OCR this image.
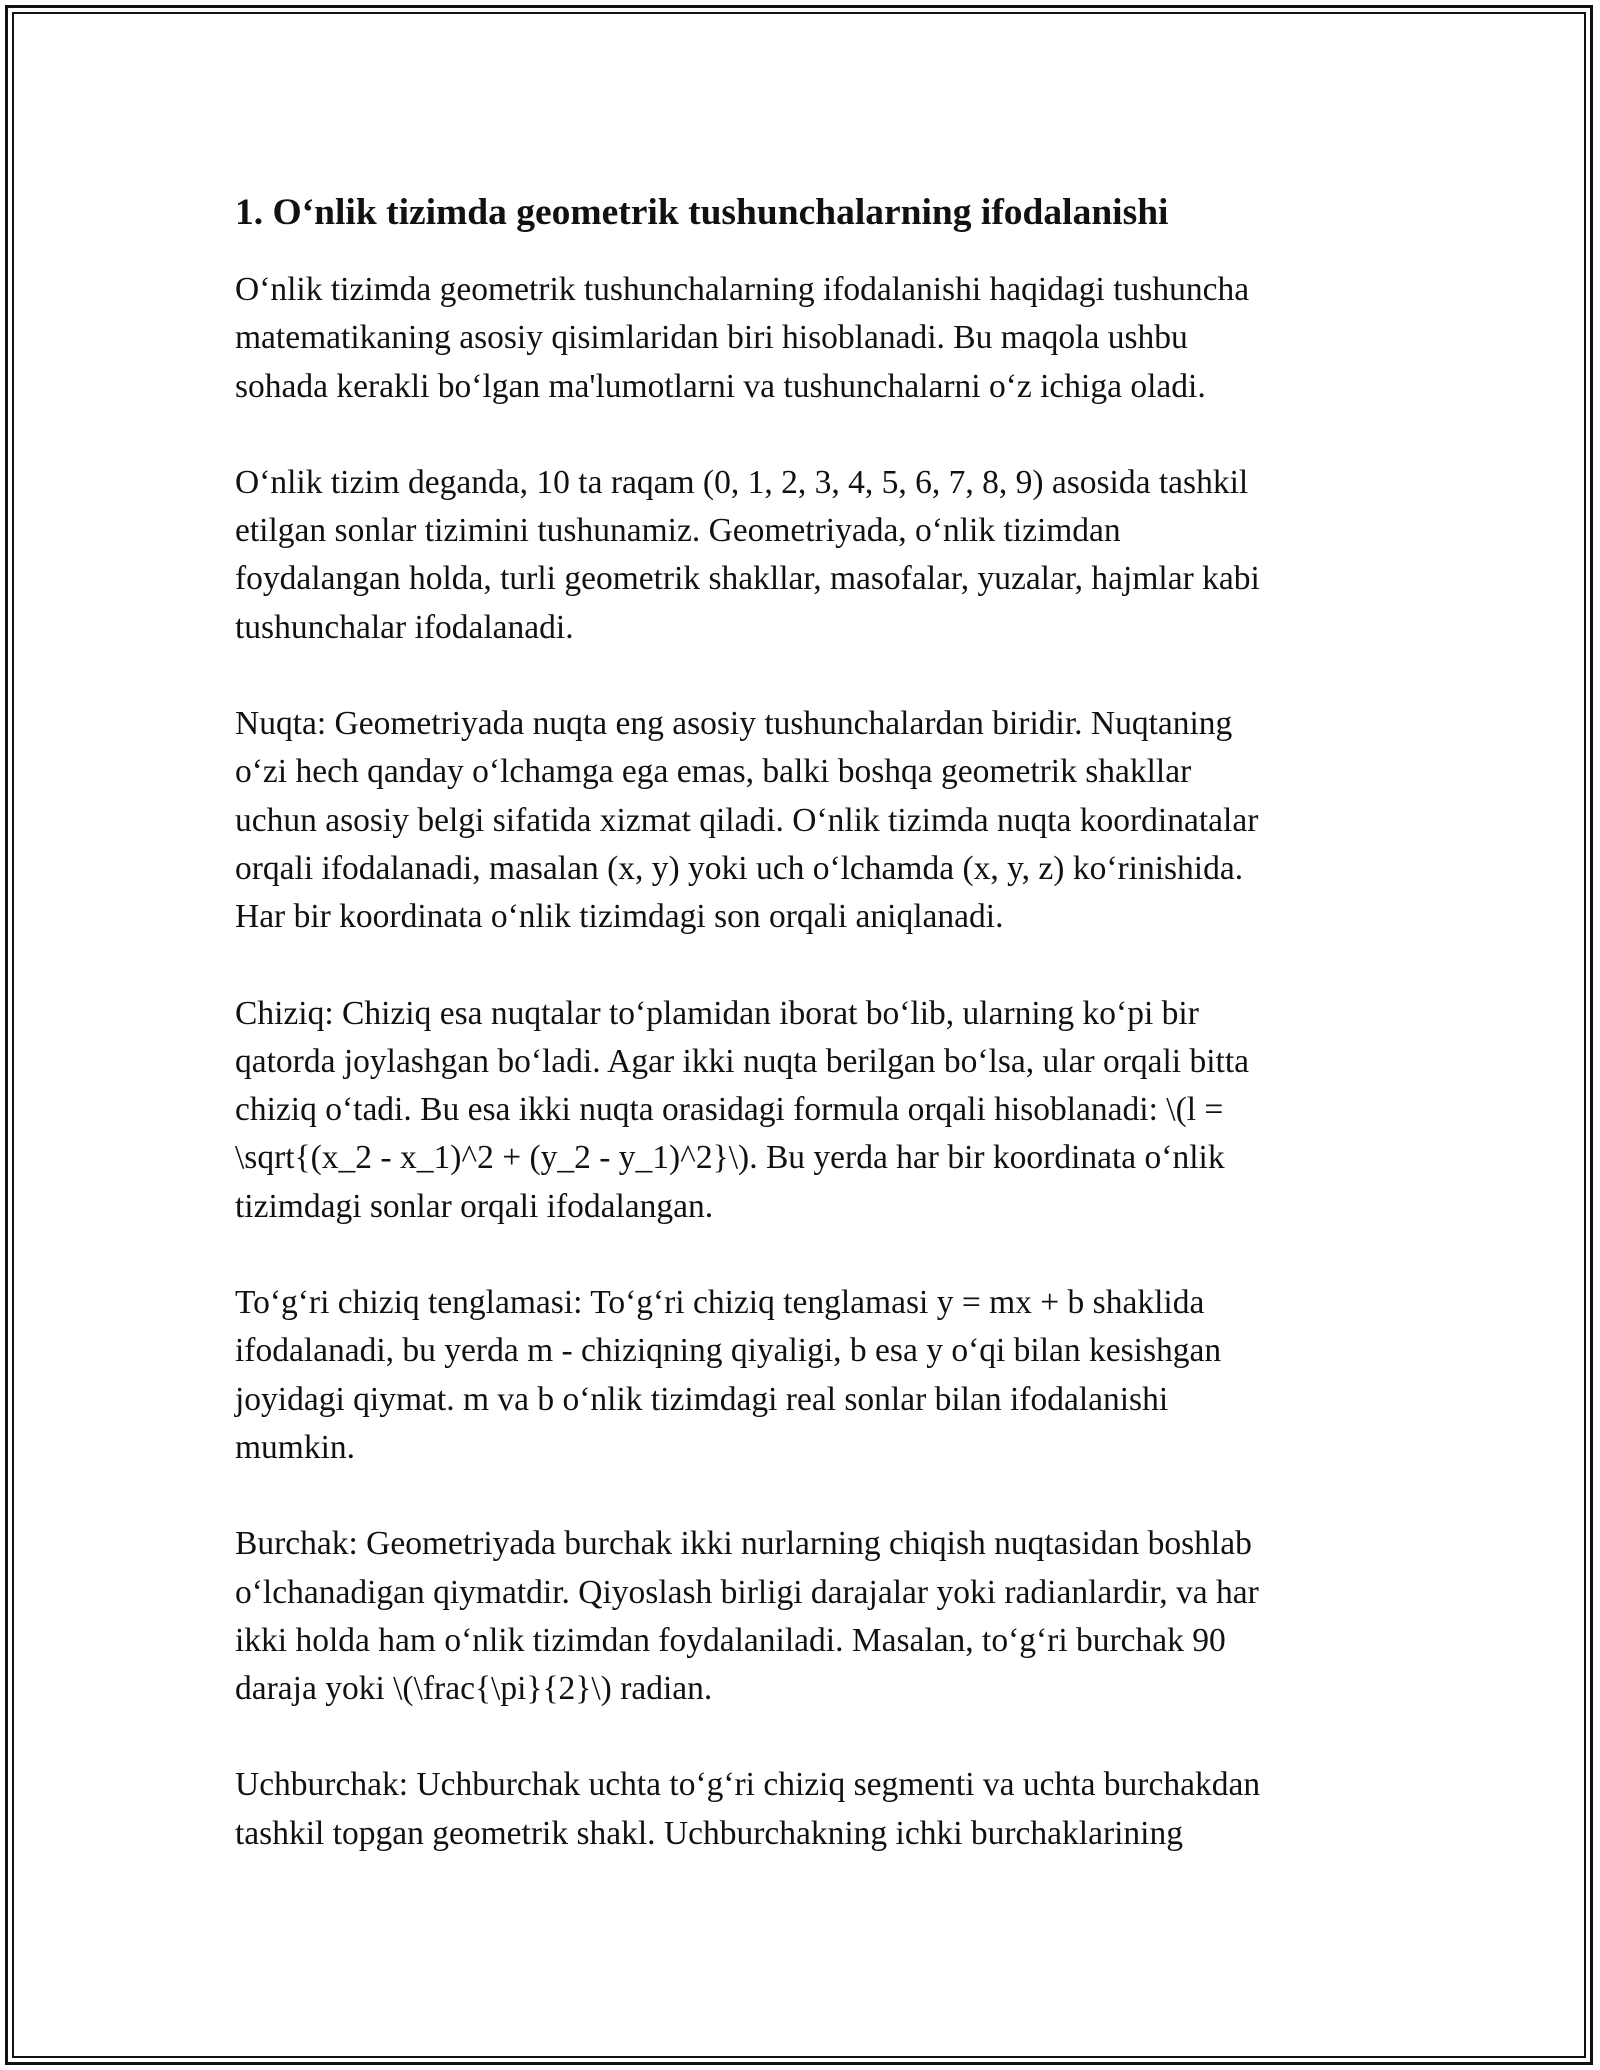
1. O‘nlik tizimda geometrik tushunchalarning ifodalanishi

O‘nlik tizimda geometrik tushunchalarning ifodalanishi haqidagi tushuncha
matematikaning asosiy qisimlaridan biri hisoblanadi. Bu maqola ushbu
sohada kerakli bo‘lgan ma'lumotlarni va tushunchalarni o‘z ichiga oladi.

O‘nlik tizim deganda, 10 ta raqam (0, 1, 2, 3, 4, 5, 6, 7, 8, 9) asosida tashkil
etilgan sonlar tizimini tushunamiz. Geometriyada, o‘nlik tizimdan
foydalangan holda, turli geometrik shakllar, masofalar, yuzalar, hajmlar kabi
tushunchalar ifodalanadi.

Nuqta: Geometriyada nuqta eng asosiy tushunchalardan biridir. Nuqtaning
o‘zi hech qanday o‘lchamga ega emas, balki boshqa geometrik shakllar
uchun asosiy belgi sifatida xizmat qiladi. O‘nlik tizimda nuqta koordinatalar
orqali ifodalanadi, masalan (x, y) yoki uch o‘lchamda (x, y, z) ko‘rinishida.
Har bir koordinata o‘nlik tizimdagi son orqali aniqlanadi.

Chiziq: Chiziq esa nuqtalar to‘plamidan iborat bo‘lib, ularning ko‘pi bir
qatorda joylashgan bo‘ladi. Agar ikki nuqta berilgan bo‘lsa, ular orqali bitta
chiziq o‘tadi. Bu esa ikki nuqta orasidagi formula orqali hisoblanadi: \(l =
\sqrt{(x_2 - x_1)^2 + (y_2 - y_1)^2}\). Bu yerda har bir koordinata o‘nlik
tizimdagi sonlar orqali ifodalangan.

To‘g‘ri chiziq tenglamasi: To‘g‘ri chiziq tenglamasi y = mx + b shaklida
ifodalanadi, bu yerda m - chiziqning qiyaligi, b esa y o‘qi bilan kesishgan
joyidagi qiymat. m va b o‘nlik tizimdagi real sonlar bilan ifodalanishi
mumkin.

Burchak: Geometriyada burchak ikki nurlarning chiqish nuqtasidan boshlab
o‘lchanadigan qiymatdir. Qiyoslash birligi darajalar yoki radianlardir, va har
ikki holda ham o‘nlik tizimdan foydalaniladi. Masalan, to‘g‘ri burchak 90
daraja yoki \(\frac{\pi}{2}\) radian.

Uchburchak: Uchburchak uchta to‘g‘ri chiziq segmenti va uchta burchakdan
tashkil topgan geometrik shakl. Uchburchakning ichki burchaklarining
